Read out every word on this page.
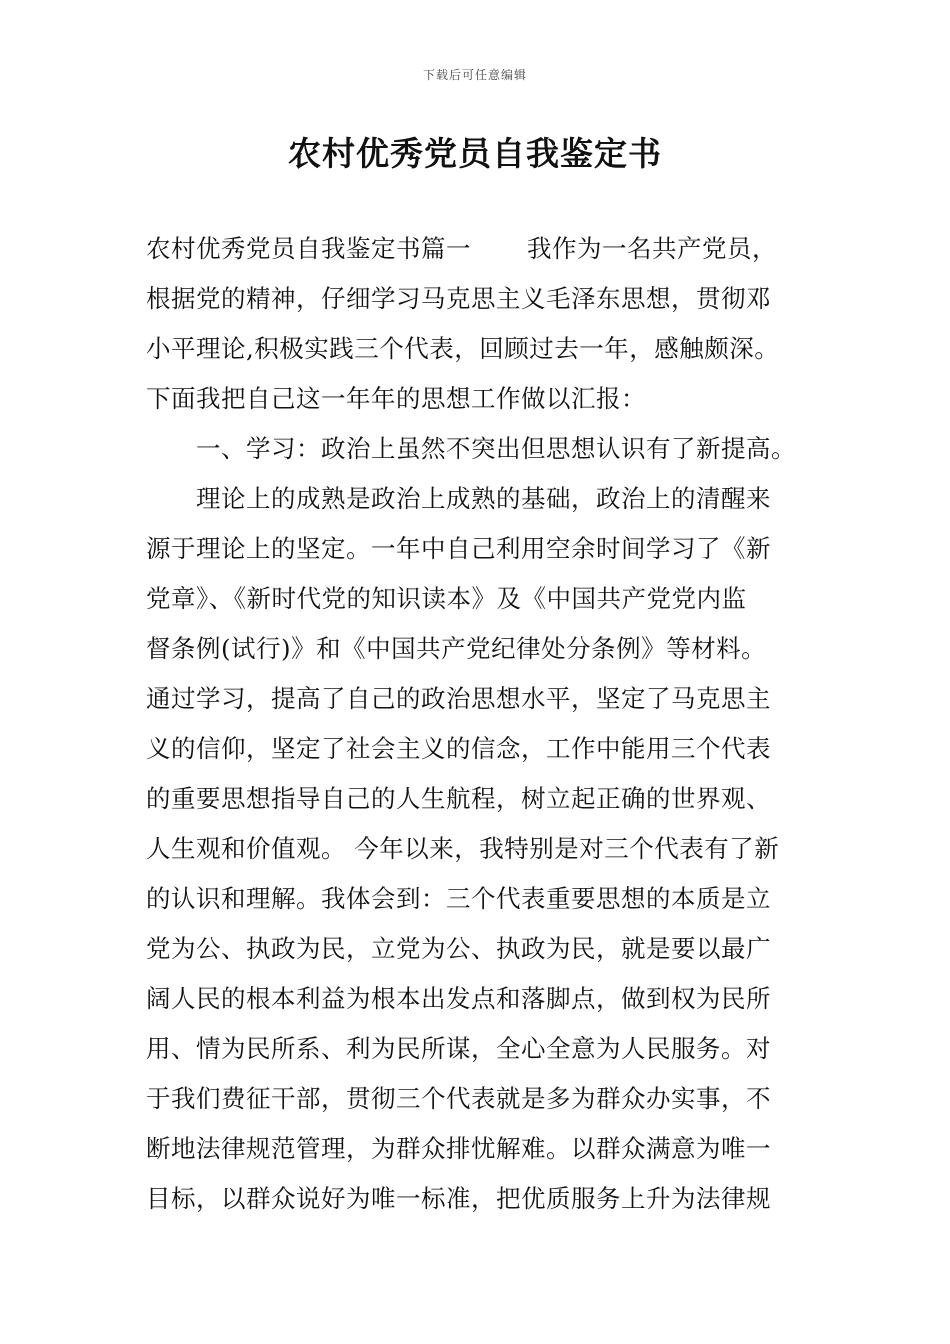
下载后可任意编辑
农村优秀党员自我鉴定书

农村优秀党员自我鉴定书篇一 我作为一名共产党员，

根据党的精神，仔细学习马克思主义毛泽东思想，贯彻邓

小平理论,积极实践三个代表，回顾过去一年，感触颇深。

下面我把自己这一年年的思想工作做以汇报：

　　一、学习：政治上虽然不突出但思想认识有了新提高。

　　理论上的成熟是政治上成熟的基础，政治上的清醒来

源于理论上的坚定。一年中自己利用空余时间学习了《新

党章》、《新时代党的知识读本》及《中国共产党党内监

督条例(试行)》和《中国共产党纪律处分条例》等材料。

通过学习，提高了自己的政治思想水平，坚定了马克思主

义的信仰，坚定了社会主义的信念，工作中能用三个代表

的重要思想指导自己的人生航程，树立起正确的世界观、

人生观和价值观。 今年以来，我特别是对三个代表有了新

的认识和理解。我体会到：三个代表重要思想的本质是立

党为公、执政为民，立党为公、执政为民，就是要以最广

阔人民的根本利益为根本出发点和落脚点，做到权为民所

用、情为民所系、利为民所谋，全心全意为人民服务。对

于我们费征干部，贯彻三个代表就是多为群众办实事，不

断地法律规范管理，为群众排忧解难。以群众满意为唯一

目标，以群众说好为唯一标准，把优质服务上升为法律规
